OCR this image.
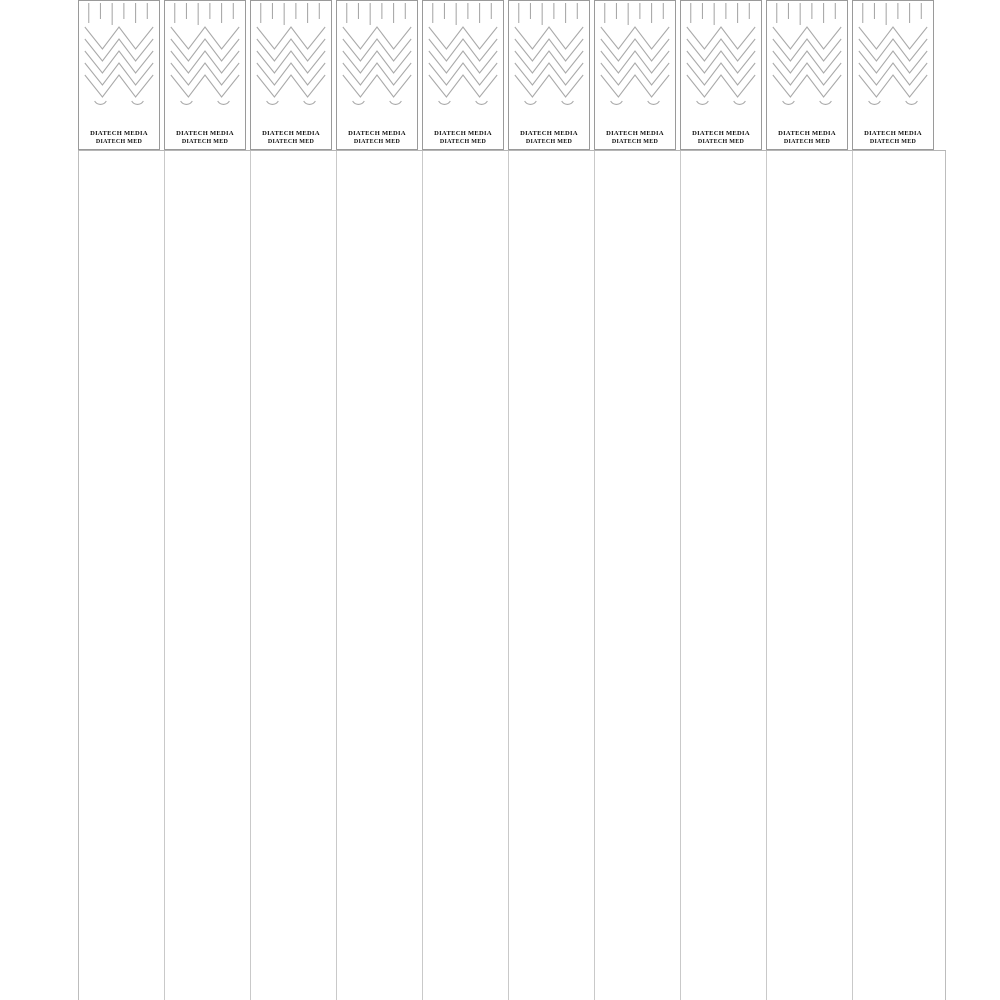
DIATECH MEDIA
DIATECH MED
DIATECH MEDIA
DIATECH MED
DIATECH MEDIA
DIATECH MED
DIATECH MEDIA
DIATECH MED
DIATECH MEDIA
DIATECH MED
DIATECH MEDIA
DIATECH MED
DIATECH MEDIA
DIATECH MED
DIATECH MEDIA
DIATECH MED
DIATECH MEDIA
DIATECH MED
DIATECH MEDIA
DIATECH MED
